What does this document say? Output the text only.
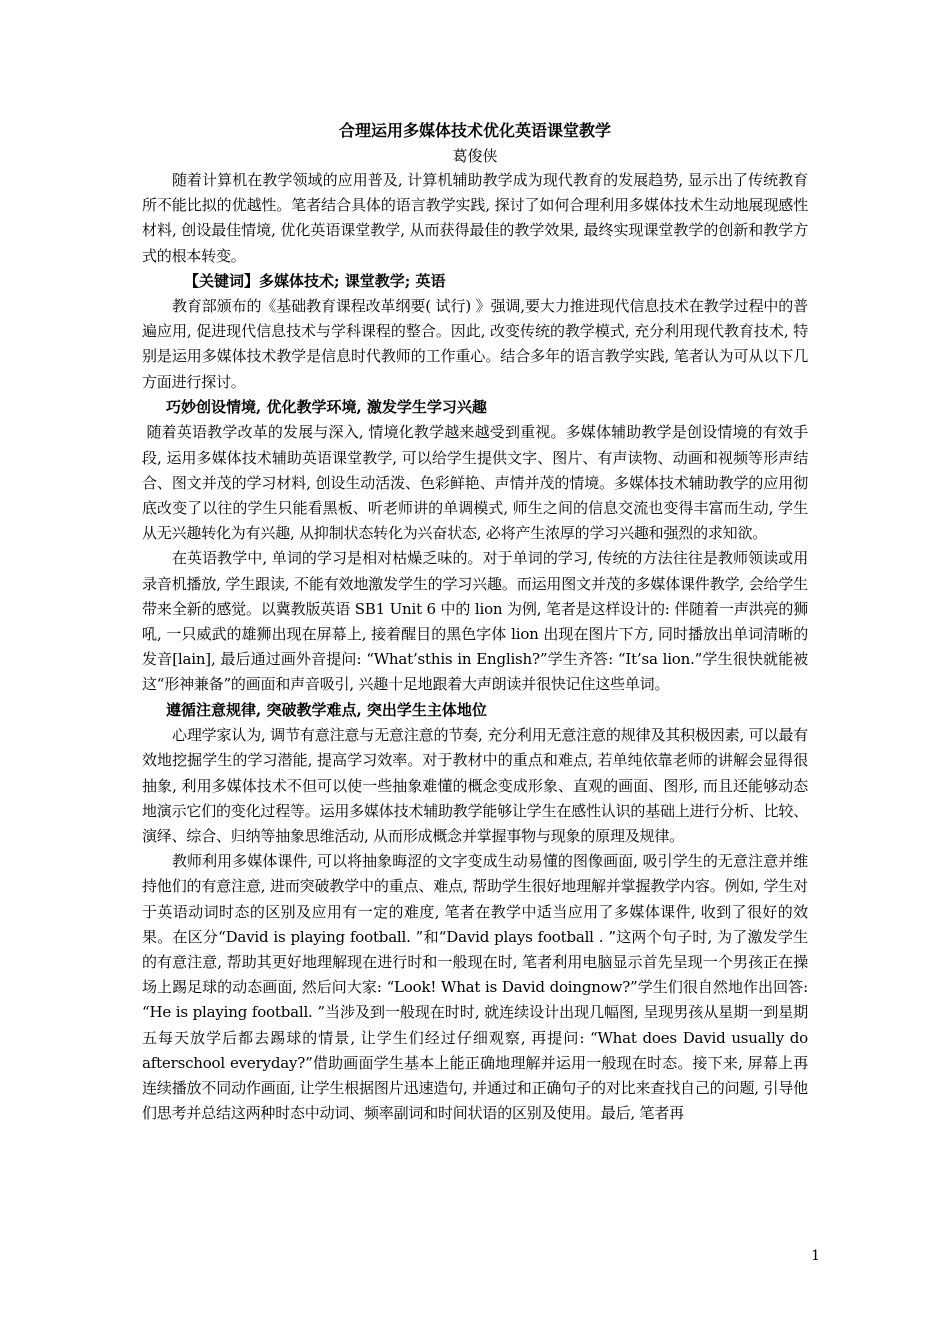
合理运用多媒体技术优化英语课堂教学
葛俊侠

随着计算机在教学领域的应用普及, 计算机辅助教学成为现代教育的发展趋势, 显示出了传统教育所不能比拟的优越性。笔者结合具体的语言教学实践, 探讨了如何合理利用多媒体技术生动地展现感性材料, 创设最佳情境, 优化英语课堂教学, 从而获得最佳的教学效果, 最终实现课堂教学的创新和教学方式的根本转变。

【关键词】多媒体技术; 课堂教学; 英语

教育部颁布的《基础教育课程改革纲要( 试行) 》强调,要大力推进现代信息技术在教学过程中的普遍应用, 促进现代信息技术与学科课程的整合。因此, 改变传统的教学模式, 充分利用现代教育技术, 特别是运用多媒体技术教学是信息时代教师的工作重心。结合多年的语言教学实践, 笔者认为可从以下几方面进行探讨。

巧妙创设情境, 优化教学环境, 激发学生学习兴趣

随着英语教学改革的发展与深入, 情境化教学越来越受到重视。多媒体辅助教学是创设情境的有效手段, 运用多媒体技术辅助英语课堂教学, 可以给学生提供文字、图片、有声读物、动画和视频等形声结合、图文并茂的学习材料, 创设生动活泼、色彩鲜艳、声情并茂的情境。多媒体技术辅助教学的应用彻底改变了以往的学生只能看黑板、听老师讲的单调模式, 师生之间的信息交流也变得丰富而生动, 学生从无兴趣转化为有兴趣, 从抑制状态转化为兴奋状态, 必将产生浓厚的学习兴趣和强烈的求知欲。

在英语教学中, 单词的学习是相对枯燥乏味的。对于单词的学习, 传统的方法往往是教师领读或用录音机播放, 学生跟读, 不能有效地激发学生的学习兴趣。而运用图文并茂的多媒体课件教学, 会给学生带来全新的感觉。以冀教版英语 SB1 Unit 6 中的 lion 为例, 笔者是这样设计的: 伴随着一声洪亮的狮吼, 一只威武的雄狮出现在屏幕上, 接着醒目的黑色字体 lion 出现在图片下方, 同时播放出单词清晰的发音[lain], 最后通过画外音提问: “What’sthis in English?”学生齐答: “It’sa lion.”学生很快就能被这“形神兼备”的画面和声音吸引, 兴趣十足地跟着大声朗读并很快记住这些单词。

遵循注意规律, 突破教学难点, 突出学生主体地位

心理学家认为, 调节有意注意与无意注意的节奏, 充分利用无意注意的规律及其积极因素, 可以最有效地挖掘学生的学习潜能, 提高学习效率。对于教材中的重点和难点, 若单纯依靠老师的讲解会显得很抽象, 利用多媒体技术不但可以使一些抽象难懂的概念变成形象、直观的画面、图形, 而且还能够动态地演示它们的变化过程等。运用多媒体技术辅助教学能够让学生在感性认识的基础上进行分析、比较、演绎、综合、归纳等抽象思维活动, 从而形成概念并掌握事物与现象的原理及规律。

教师利用多媒体课件, 可以将抽象晦涩的文字变成生动易懂的图像画面, 吸引学生的无意注意并维持他们的有意注意, 进而突破教学中的重点、难点, 帮助学生很好地理解并掌握教学内容。例如, 学生对于英语动词时态的区别及应用有一定的难度, 笔者在教学中适当应用了多媒体课件, 收到了很好的效果。在区分“David is playing football. ”和“David plays football . ”这两个句子时, 为了激发学生的有意注意, 帮助其更好地理解现在进行时和一般现在时, 笔者利用电脑显示首先呈现一个男孩正在操场上踢足球的动态画面, 然后问大家: “Look! What is David doingnow?”学生们很自然地作出回答: “He is playing football. ”当涉及到一般现在时时, 就连续设计出现几幅图, 呈现男孩从星期一到星期五每天放学后都去踢球的情景, 让学生们经过仔细观察, 再提问: “What does David usually do afterschool everyday?”借助画面学生基本上能正确地理解并运用一般现在时态。接下来, 屏幕上再连续播放不同动作画面, 让学生根据图片迅速造句, 并通过和正确句子的对比来查找自己的问题, 引导他们思考并总结这两种时态中动词、频率副词和时间状语的区别及使用。最后, 笔者再

1
